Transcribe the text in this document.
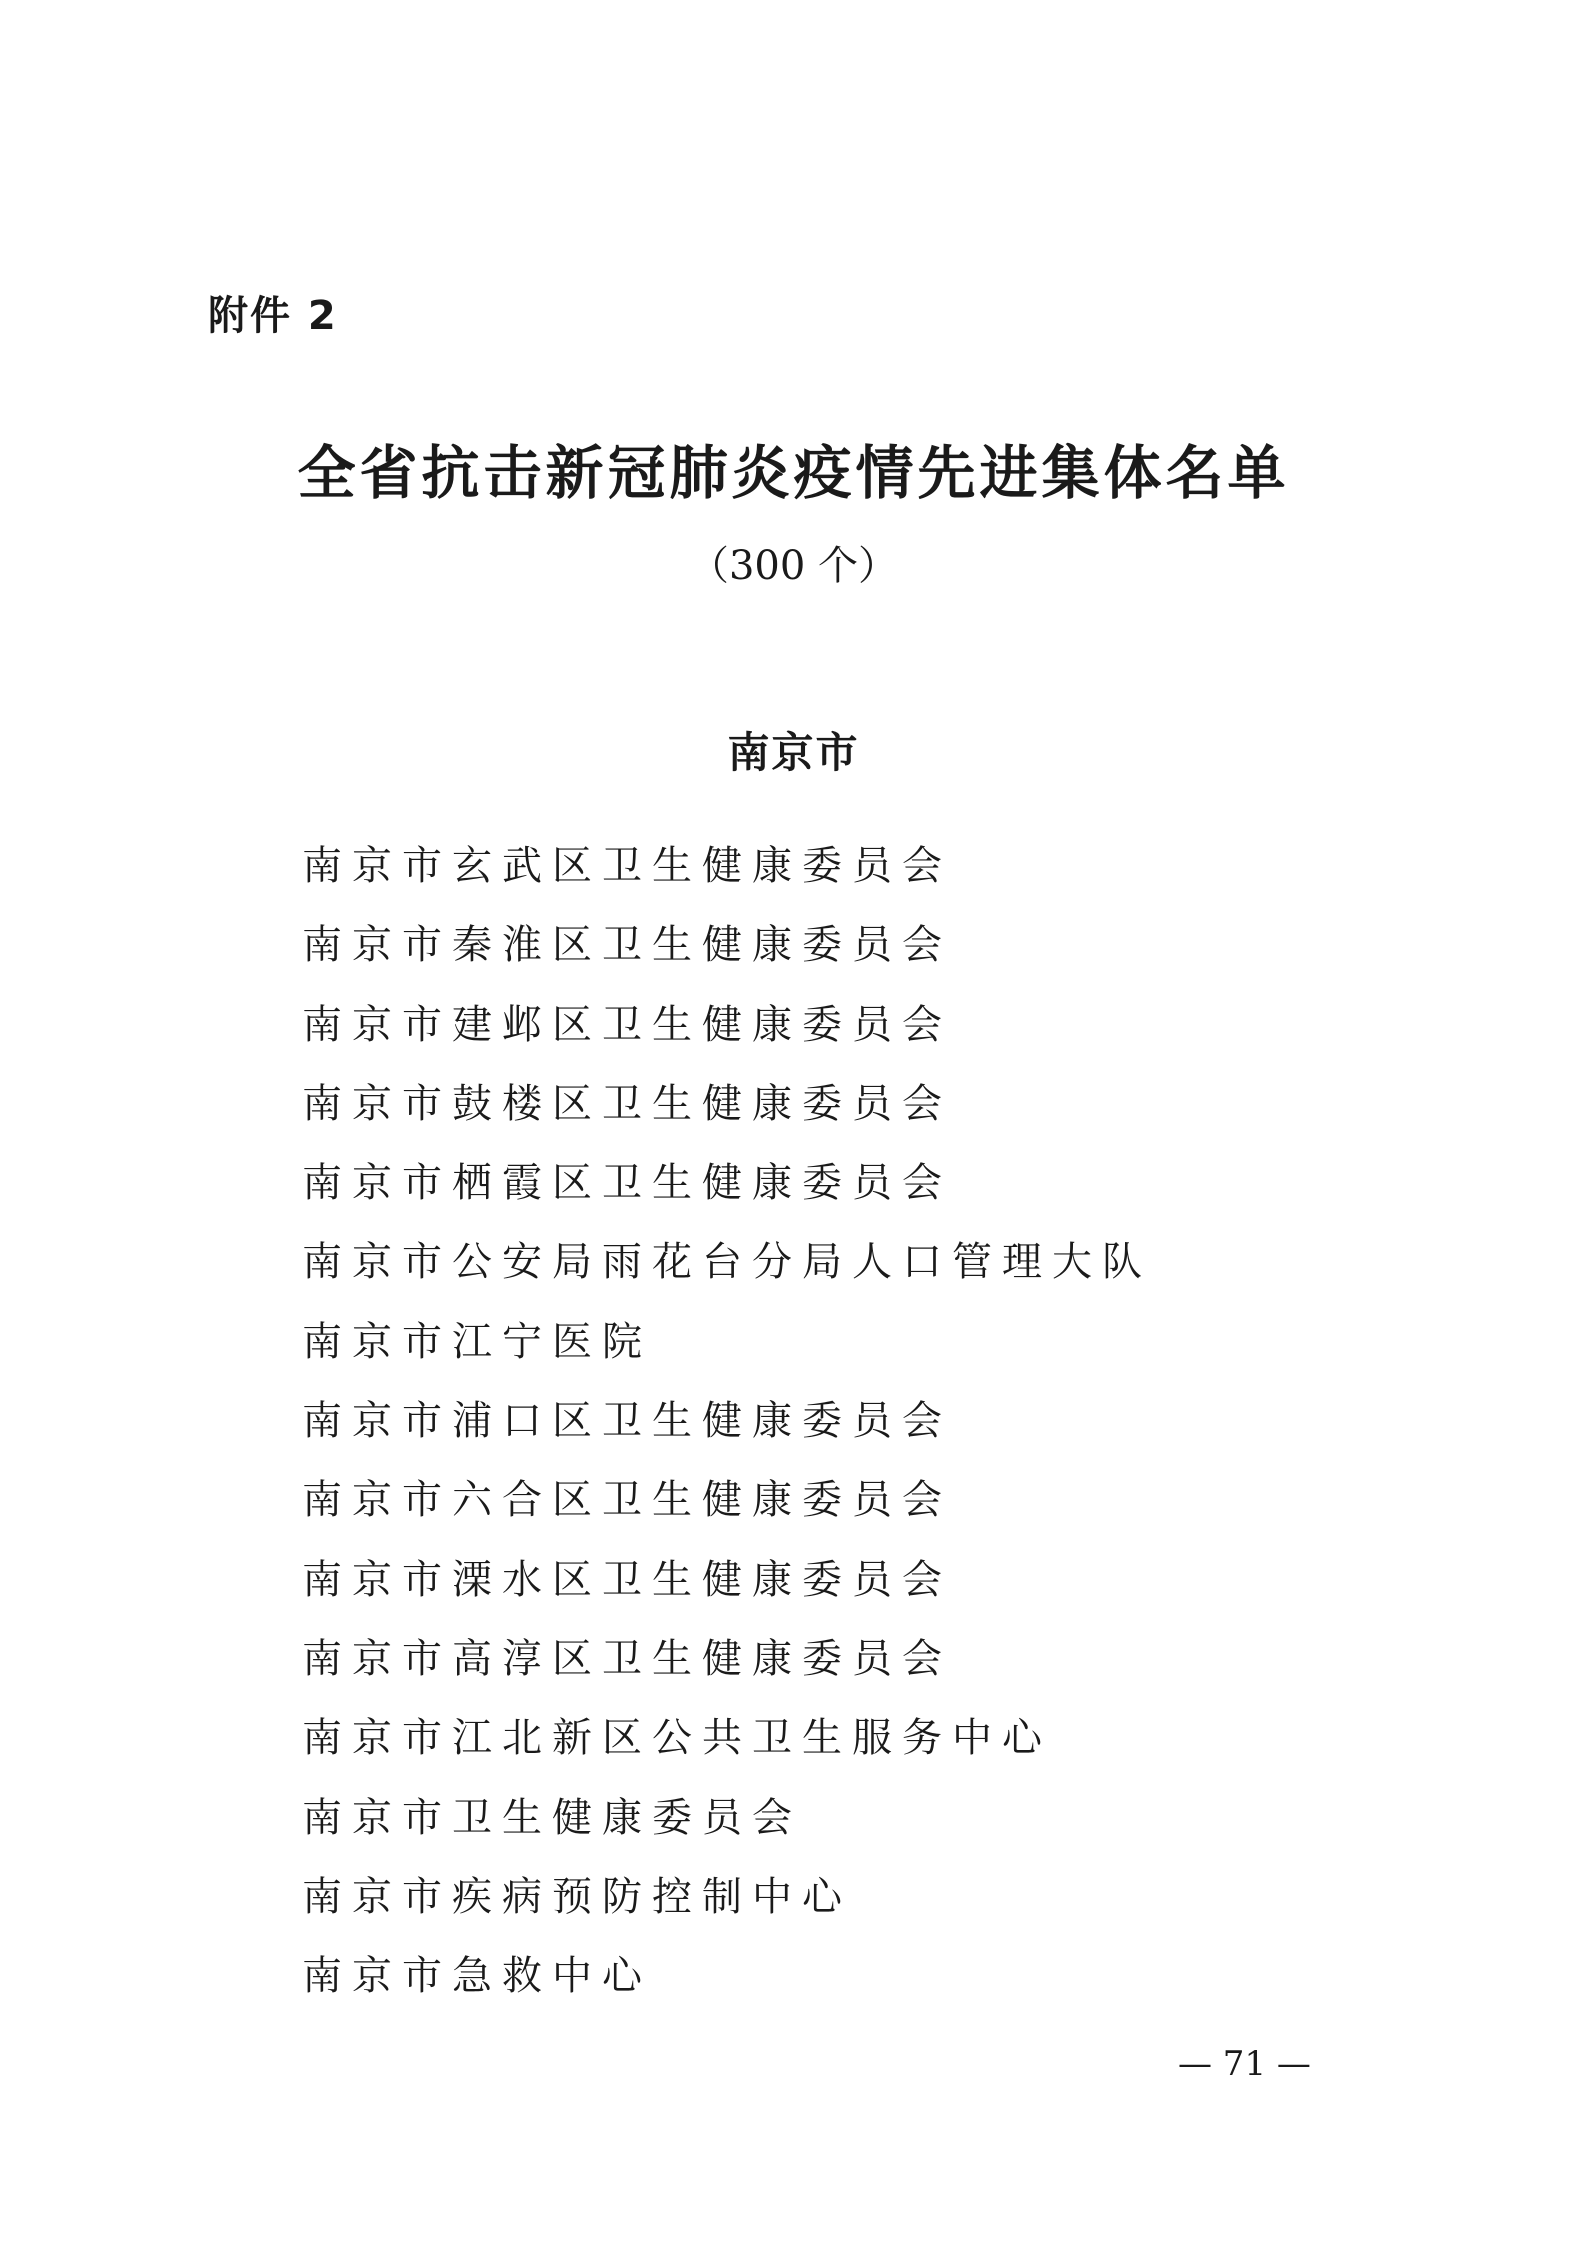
附件 2
全省抗击新冠肺炎疫情先进集体名单
（300 个）
南京市
南京市玄武区卫生健康委员会
南京市秦淮区卫生健康委员会
南京市建邺区卫生健康委员会
南京市鼓楼区卫生健康委员会
南京市栖霞区卫生健康委员会
南京市公安局雨花台分局人口管理大队
南京市江宁医院
南京市浦口区卫生健康委员会
南京市六合区卫生健康委员会
南京市溧水区卫生健康委员会
南京市高淳区卫生健康委员会
南京市江北新区公共卫生服务中心
南京市卫生健康委员会
南京市疾病预防控制中心
南京市急救中心
— 71 —
